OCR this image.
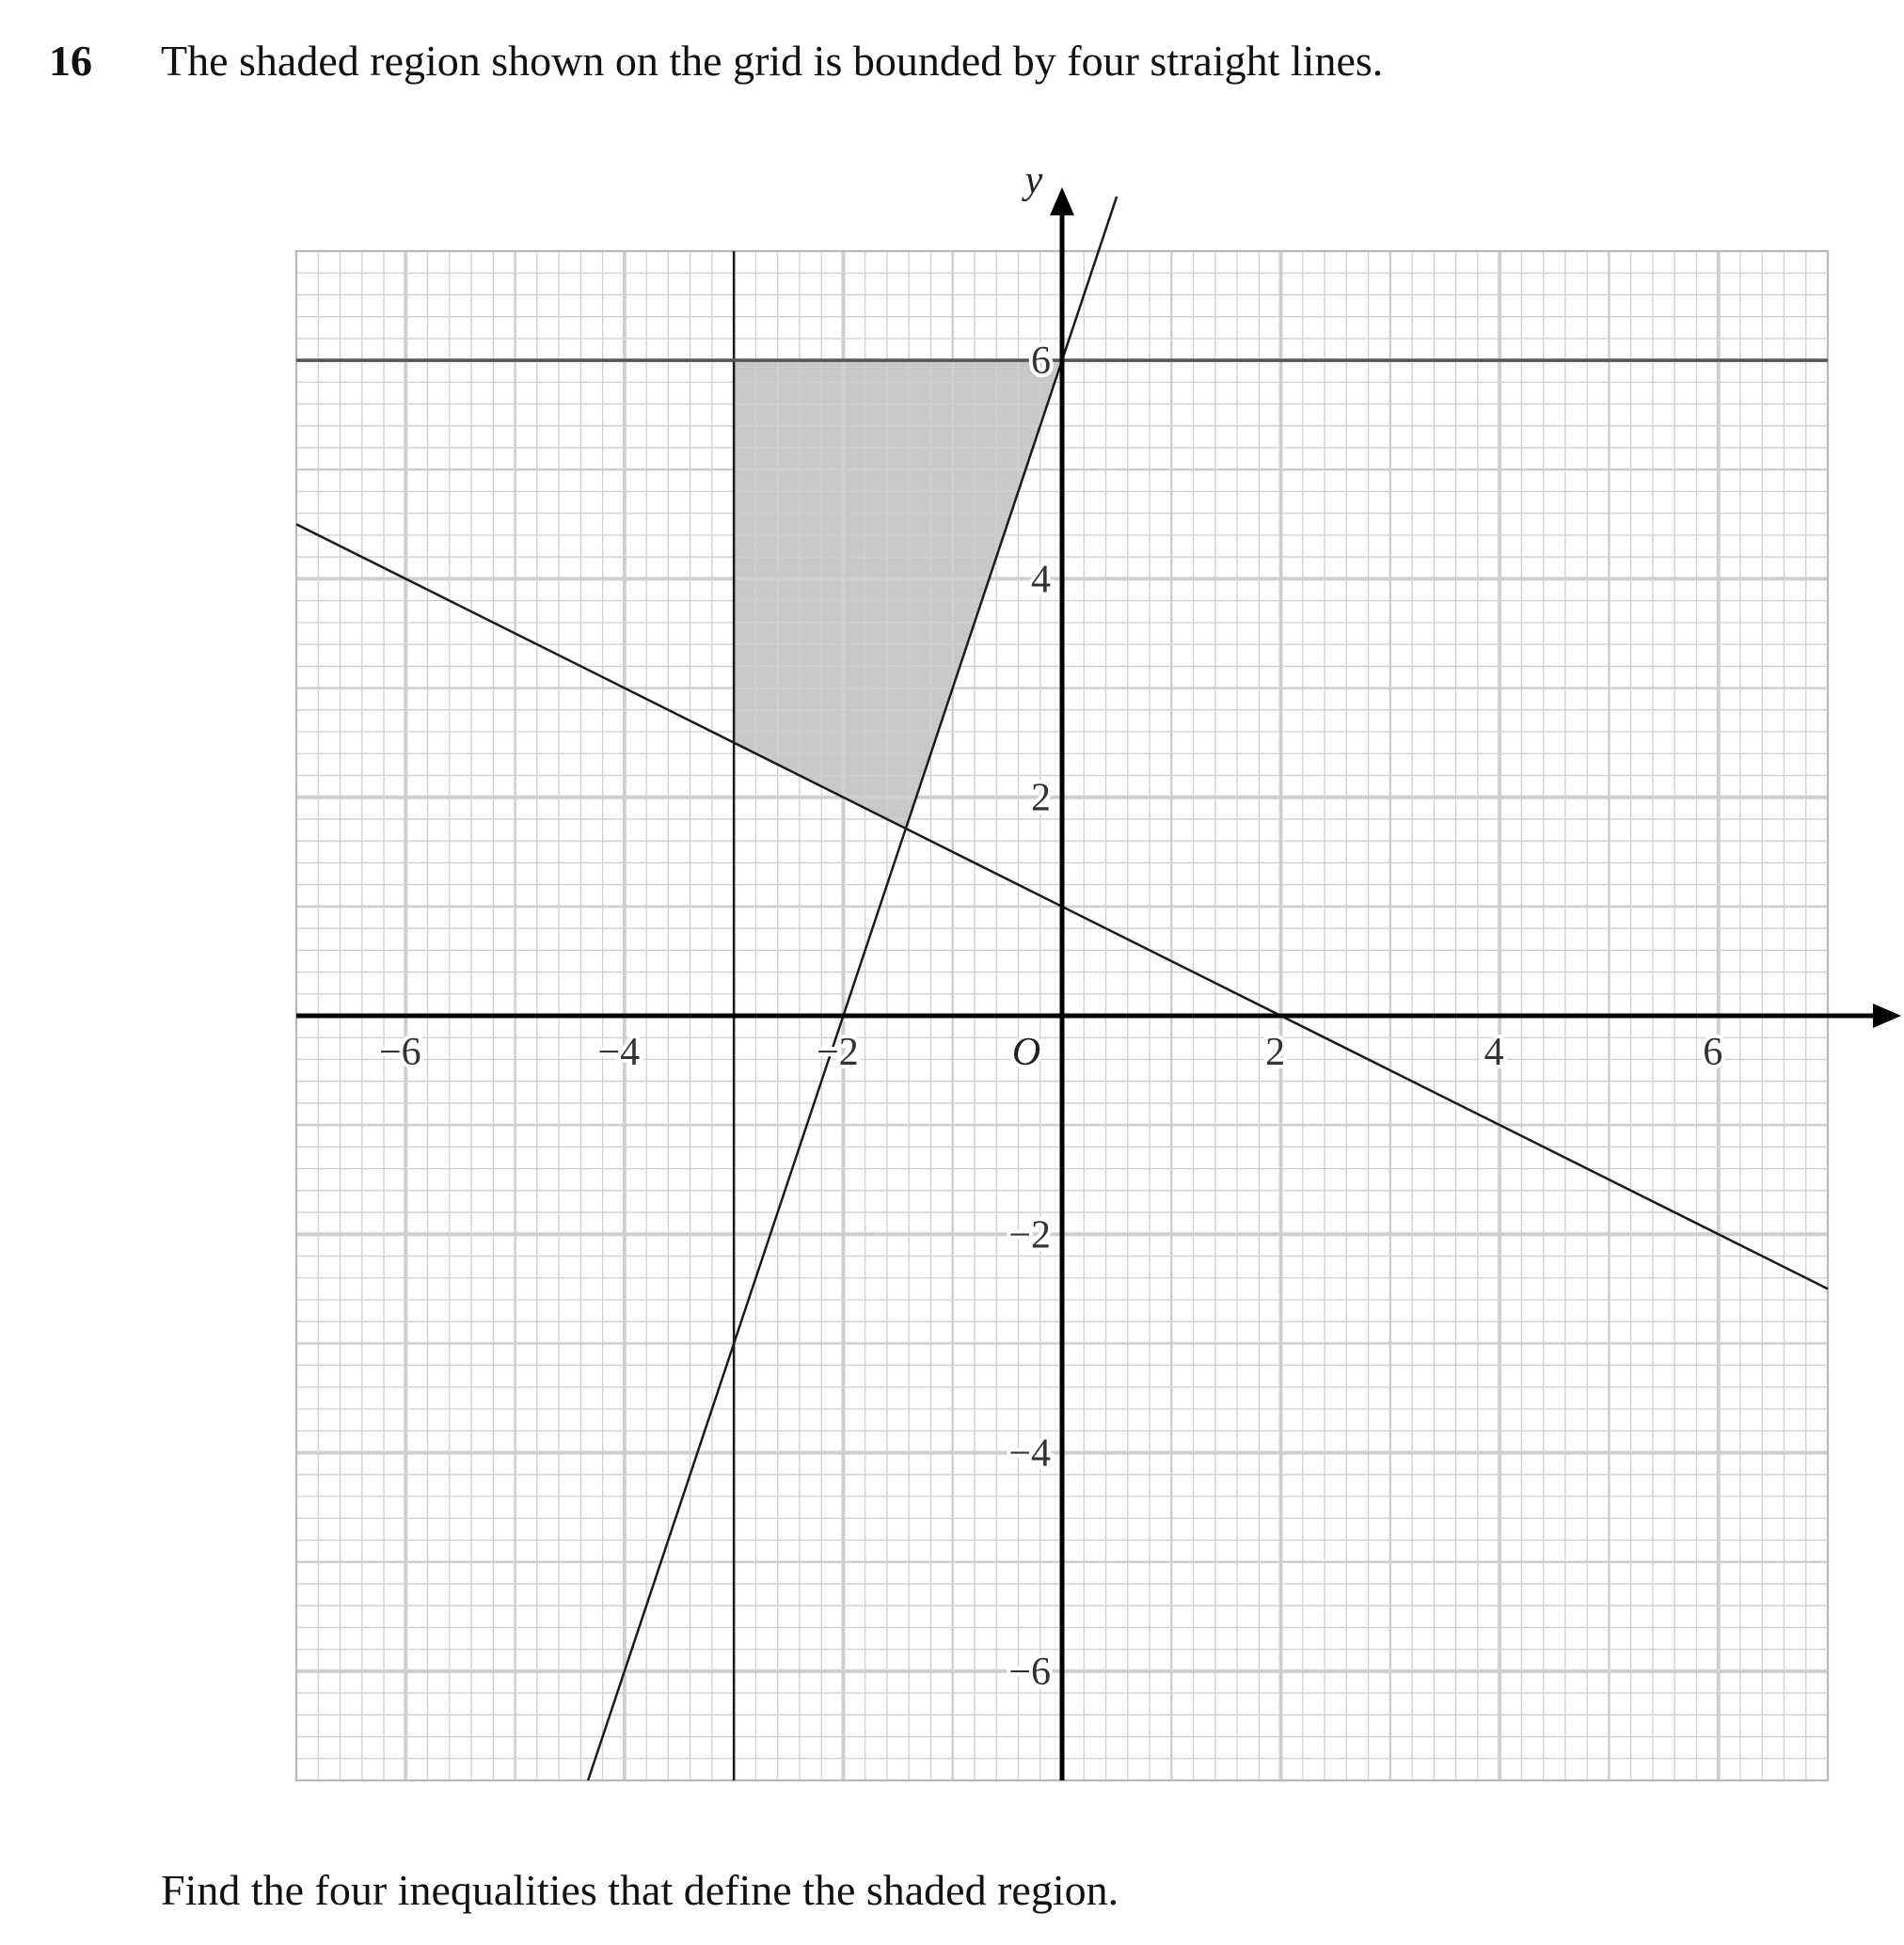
16 The shaded region shown on the grid is bounded by four straight lines.
−6	−4	−2	2	4	6
6
4
2
−2
−4
−6
O
y
Find the four inequalities that define the shaded region.
